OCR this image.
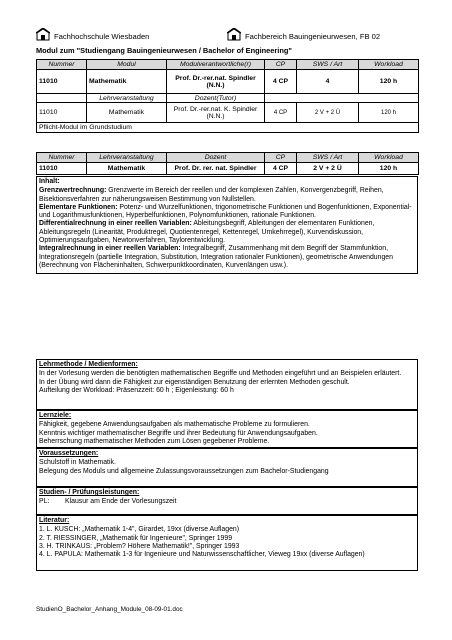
Fachhochschule Wiesbaden	Fachbereich Bauingenieurwesen, FB 02
Modul zum "Studiengang Bauingenieurwesen / Bachelor of Engineering"
Nummer	Modul	Modulverantwortliche(r)	CP	SWS / Art	Workload
11010	Mathematik	Prof. Dr.-rer.nat. Spindler (N.N.)	4 CP	4	120 h
	Lehrveranstaltung	Dozent(Tutor)			
11010	Mathematik	Prof. Dr.-rer.nat. K. Spindler (N.N.)	4 CP	2 V + 2 Ü	120 h
Pflicht-Modul im Grundstudium					
Nummer	Lehrveranstaltung	Dozent	CP	SWS / Art	Workload
11010	Mathematik	Prof. Dr. rer. nat. Spindler	4 CP	2 V + 2 Ü	120 h
Inhalt:
Grenzwertrechnung: Grenzwerte im Bereich der reellen und der komplexen Zahlen, Konvergenzbegriff, Reihen, Bisektionsverfahren zur näherungsweisen Bestimmung von Nullstellen.
Elementare Funktionen: Potenz- und Wurzelfunktionen, trigonometrische Funktionen und Bogenfunktionen, Exponential- und Logarithmusfunktionen, Hyperbelfunktionen, Polynomfunktionen, rationale Funktionen.
Differentialrechnung in einer reellen Variablen: Ableitungsbegriff, Ableitungen der elementaren Funktionen, Ableitungsregeln (Linearität, Produktregel, Quotientenregel, Kettenregel, Umkehrregel), Kurvendiskussion, Optimierungsaufgaben, Newtonverfahren, Taylorentwicklung.
Integralrechnung in einer reellen Variablen: Integralbegriff, Zusammenhang mit dem Begriff der Stammfunktion, Integrationsregeln (partielle Integration, Substitution, Integration rationaler Funktionen), geometrische Anwendungen (Berechnung von Flächeninhalten, Schwerpunktkoordinaten, Kurvenlängen usw.).
Lehrmethode / Medienformen:
In der Vorlesung werden die benötigten mathematischen Begriffe und Methoden eingeführt und an Beispielen erläutert.
In der Übung wird dann die Fähigkeit zur eigenständigen Benutzung der erlernten Methoden geschult.
Aufteilung der Workload: Präsenzzeit: 60 h ; Eigenleistung: 60 h
Lernziele:
Fähigkeit, gegebene Anwendungsaufgaben als mathematische Probleme zu formulieren.
Kenntnis wichtiger mathematischer Begriffe und ihrer Bedeutung für Anwendungsaufgaben.
Beherrschung mathematischer Methoden zum Lösen gegebener Probleme.
Voraussetzungen:
Schulstoff in Mathematik.
Belegung des Moduls und allgemeine Zulassungsvoraussetzungen zum Bachelor-Studiengang
Studien- / Prüfungsleistungen:
PL: Klausur am Ende der Vorlesungszeit
Literatur:
1. L. KUSCH: „Mathematik 1-4", Girardet, 19xx (diverse Auflagen)
2. T. RIESSINGER, „Mathematik für Ingenieure", Springer 1999
3. H. TRINKAUS: „Problem? Höhere Mathematik!", Springer 1993
4. L. PAPULA: Mathematik 1-3 für Ingenieure und Naturwissenschaftlicher, Vieweg 19xx (diverse Auflagen)
StudienO_Bachelor_Anhang_Module_08-09-01.doc
